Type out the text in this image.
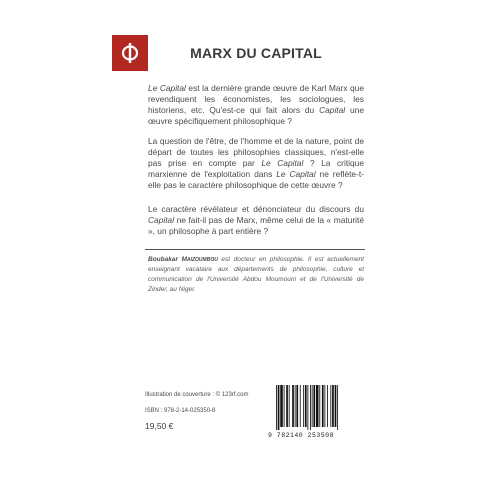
MARX DU CAPITAL
Le Capital est la dernière grande œuvre de Karl Marx que revendiquent les économistes, les sociologues, les historiens, etc. Qu'est-ce qui fait alors du Capital une œuvre spécifiquement philosophique ?
La question de l'être, de l'homme et de la nature, point de départ de toutes les philosophies classiques, n'est-elle pas prise en compte par Le Capital ? La critique marxienne de l'exploitation dans Le Capital ne reflète-t-elle pas le caractère philosophique de cette œuvre ?
Le caractère révélateur et dénonciateur du discours du Capital ne fait-il pas de Marx, même celui de la « maturité », un philosophe à part entière ?
Boubakar Maizoumbou est docteur en philosophie. Il est actuellement enseignant vacataire aux départements de philosophie, culture et communication de l'Université Abdou Moumouni et de l'Université de Zinder, au Niger.
Illustration de couverture : © 123rf.com
ISBN : 978-2-14-025350-8
19,50 €
9 782140 253508
